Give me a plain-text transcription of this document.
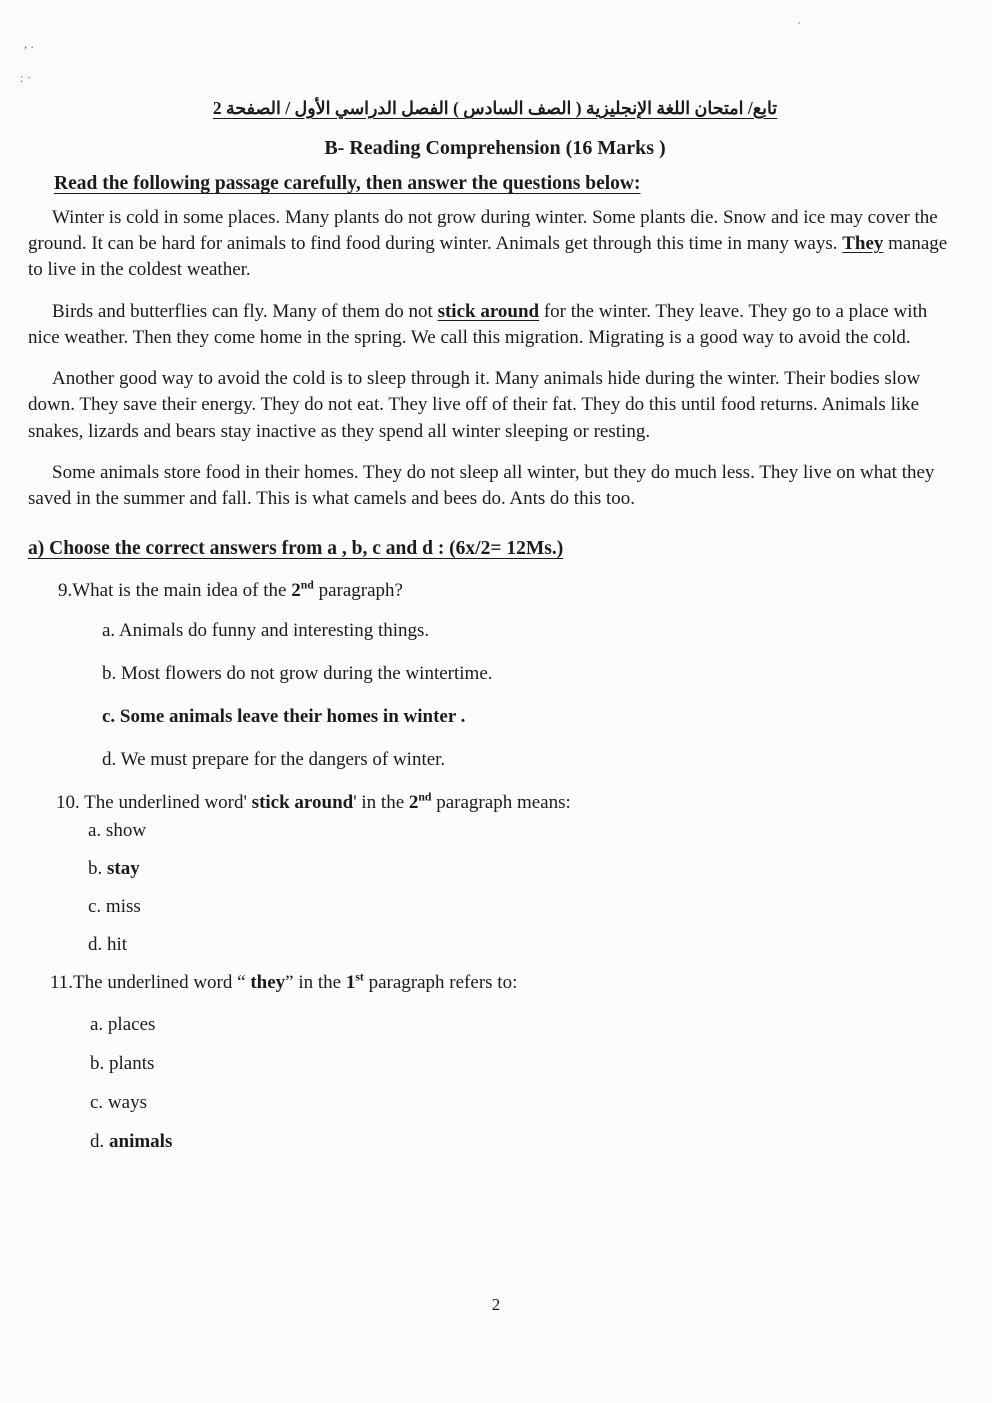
, .
: ·
'
تابع/ امتحان اللغة الإنجليزية ( الصف السادس ) الفصل الدراسي الأول / الصفحة 2
B- Reading Comprehension (16 Marks )

Read the following passage carefully, then answer the questions below:

Winter is cold in some places. Many plants do not grow during winter. Some plants die. Snow and ice may cover the ground. It can be hard for animals to find food during winter. Animals get through this time in many ways. They manage to live in the coldest weather.

Birds and butterflies can fly. Many of them do not stick around for the winter. They leave. They go to a place with nice weather. Then they come home in the spring. We call this migration. Migrating is a good way to avoid the cold.

Another good way to avoid the cold is to sleep through it. Many animals hide during the winter. Their bodies slow down. They save their energy. They do not eat. They live off of their fat. They do this until food returns. Animals like snakes, lizards and bears stay inactive as they spend all winter sleeping or resting.

Some animals store food in their homes. They do not sleep all winter, but they do much less. They live on what they saved in the summer and fall. This is what camels and bees do. Ants do this too.

a) Choose the correct answers from a , b, c and d : (6x/2= 12Ms.)

9.What is the main idea of the 2nd paragraph?

a. Animals do funny and interesting things.

b. Most flowers do not grow during the wintertime.

c. Some animals leave their homes in winter .

d. We must prepare for the dangers of winter.

10. The underlined word' stick around' in the 2nd paragraph means:

a. show

b. stay

c. miss

d. hit

11.The underlined word “ they” in the 1st paragraph refers to:

a. places

b. plants

c. ways

d. animals

2
